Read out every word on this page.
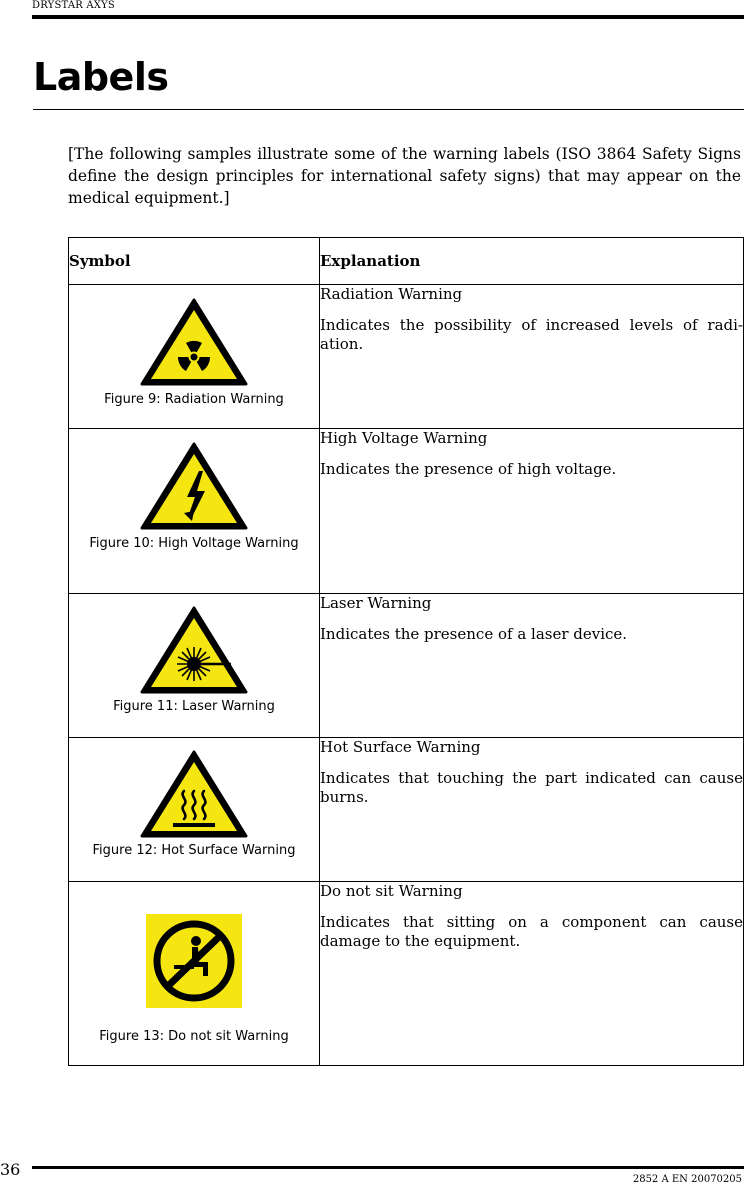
DRYSTAR AXYS
Labels

[The following samples illustrate some of the warning labels (ISO 3864 Safety Signs define the design principles for international safety signs) that may appear on the medical equipment.]

Symbol	Explanation

Figure 9: Radiation Warning	Radiation Warning

Indicates the possibility of increased levels of radi-ation.

Figure 10: High Voltage Warning	High Voltage Warning

Indicates the presence of high voltage.

Figure 11: Laser Warning	Laser Warning

Indicates the presence of a laser device.

Figure 12: Hot Surface Warning	Hot Surface Warning

Indicates that touching the part indicated can cause burns.

Figure 13: Do not sit Warning	Do not sit Warning

Indicates that sitting on a component can cause damage to the equipment.

36
2852 A EN 20070205
